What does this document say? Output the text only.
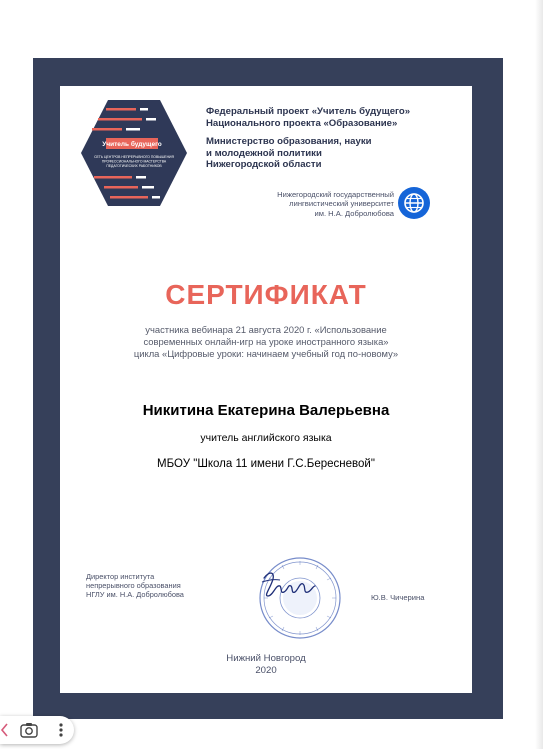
Учитель будущего
СЕТЬ ЦЕНТРОВ НЕПРЕРЫВНОГО ПОВЫШЕНИЯ
ПРОФЕССИОНАЛЬНОГО МАСТЕРСТВА
ПЕДАГОГИЧЕСКИХ РАБОТНИКОВ
Федеральный проект «Учитель будущего»
Национального проекта «Образование»
Министерство образования, науки
и молодежной политики
Нижегородской области
Нижегородский государственный
лингвистический университет
им. Н.А. Добролюбова
СЕРТИФИКАТ
участника вебинара 21 августа 2020 г. «Использование
современных онлайн-игр на уроке иностранного языка»
цикла «Цифровые уроки: начинаем учебный год по-новому»
Никитина Екатерина Валерьевна
учитель английского языка
МБОУ "Школа 11 имени Г.С.Бересневой"
Директор института
непрерывного образования
НГЛУ им. Н.А. Добролюбова	Ю.В. Чичерина
Нижний Новгород
2020
